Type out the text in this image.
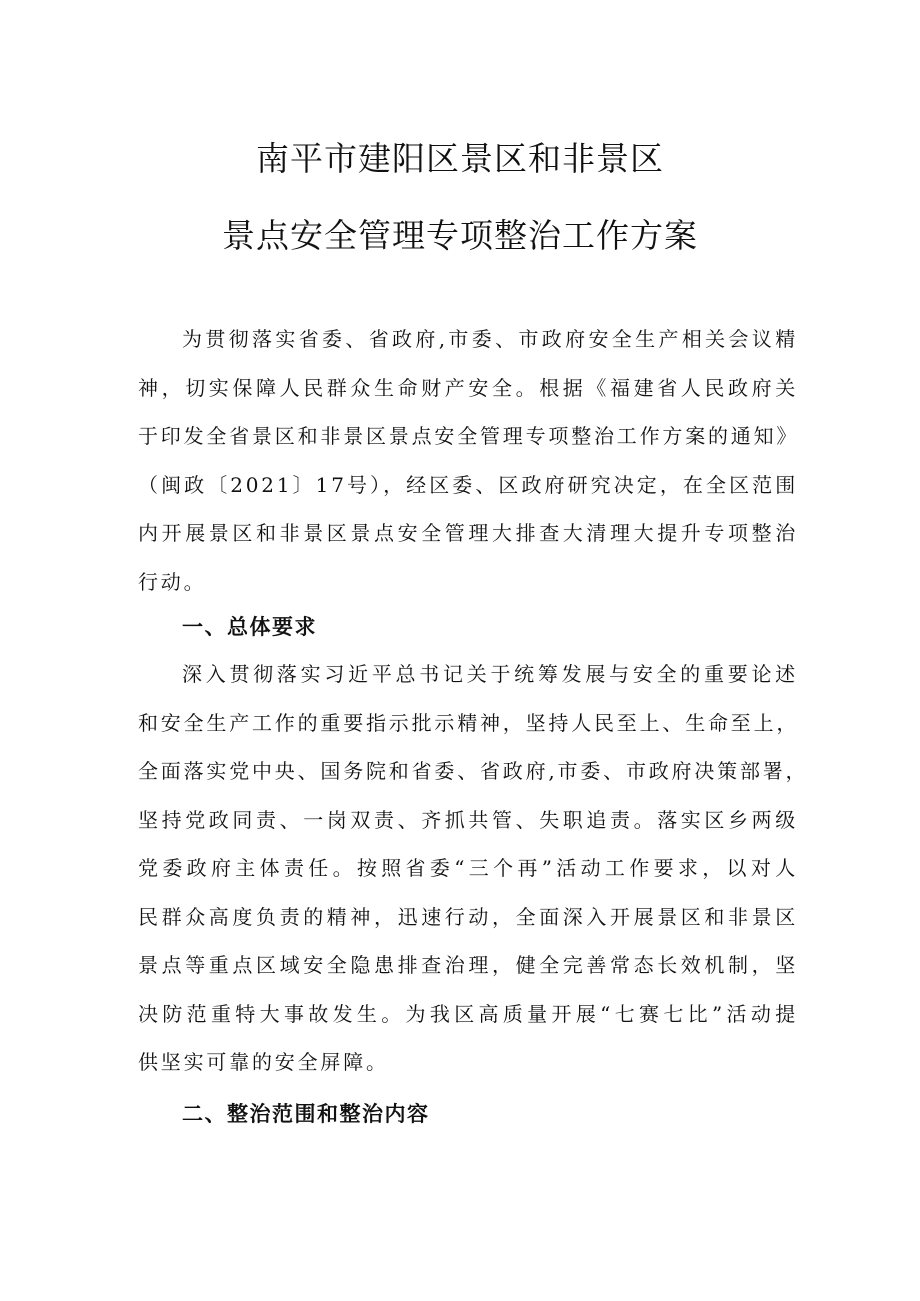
南平市建阳区景区和非景区
景点安全管理专项整治工作方案
为贯彻落实省委、省政府,市委、市政府安全生产相关会议精
神，切实保障人民群众生命财产安全。根据《福建省人民政府关
于印发全省景区和非景区景点安全管理专项整治工作方案的通知》
（闽政〔2021〕17号），经区委、区政府研究决定，在全区范围
内开展景区和非景区景点安全管理大排查大清理大提升专项整治
行动。
一、总体要求
深入贯彻落实习近平总书记关于统筹发展与安全的重要论述
和安全生产工作的重要指示批示精神，坚持人民至上、生命至上，
全面落实党中央、国务院和省委、省政府,市委、市政府决策部署，
坚持党政同责、一岗双责、齐抓共管、失职追责。落实区乡两级
党委政府主体责任。按照省委“三个再”活动工作要求，以对人
民群众高度负责的精神，迅速行动，全面深入开展景区和非景区
景点等重点区域安全隐患排查治理，健全完善常态长效机制，坚
决防范重特大事故发生。为我区高质量开展“七赛七比”活动提
供坚实可靠的安全屏障。
二、整治范围和整治内容
